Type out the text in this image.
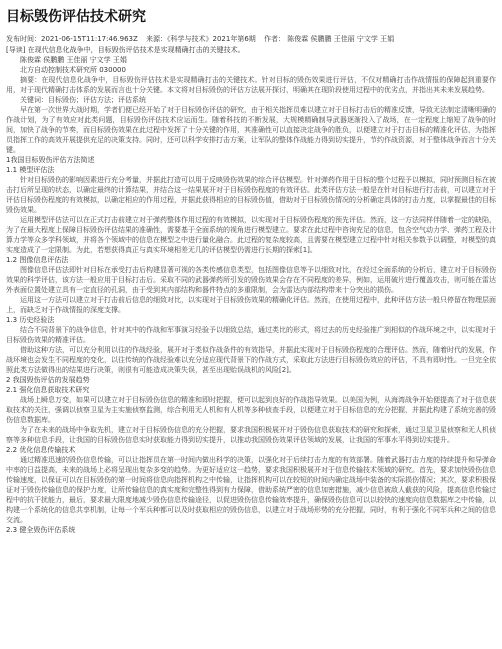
目标毁伤评估技术研究
发布时间：2021-06-15T11:17:46.963Z 来源：《科学与技术》2021年第6期 作者： 陈俊霖 侯鹏鹏 王佳丽 宁文学 王娟

[导读] 在现代信息化战争中，目标毁伤评估技术是实现精确打击的关键技术。

陈俊霖 侯鹏鹏 王佳丽 宁文学 王娟

北方自动控制技术研究所 030000

摘要：在现代信息化战争中，目标毁伤评估技术是实现精确打击的关键技术。针对目标的毁伤效果进行评估，不仅对精确打击作战情报的保障起到重要作用，对于现代精确打击体系的发展而言也十分关键。本文将对目标毁伤的评估方法展开探讨，明确其在现阶段使用过程中的优劣点，并指出其未来发展趋势。

关键词：目标毁伤；评估方法；评估系统

早在第一次世界大战时期，学者们便已经开始了对于目标毁伤评估的研究，由于相关指挥员难以建立对于目标打击后的精准反馈，导致无法制定清晰明确的作战计划，为了有效应对此类问题，目标毁伤评估技术应运而生。随着科技的不断发展，大规模精确制导武器逐渐投入了战场，在一定程度上缩短了战争的时间，加快了战争的节奏，而目标毁伤效果在此过程中发挥了十分关键的作用，其准确性可以直接决定战争的胜负，以便建立对于打击目标的精准化评估，为指挥员指挥工作的高效开展提供充足的决策支持。同时，还可以科学安排打击方案，让军队的整体作战能力得到切实提升，节约作战资源，对于整体战争而言十分关键。

1我国目标毁伤评估方法简述

1.1 模型评估法

针对目标毁伤的影响因素进行充分考量，并据此打造可以用于反映毁伤效果的综合评估模型。针对弹药作用于目标的整个过程予以模拟，同时预测目标在被击打后所呈现的状态，以确定最终的计算结果，并结合这一结果展开对于目标毁伤程度的有效评估。此类评估方法一般是在针对目标进行打击前，可以建立对于评估目标毁伤程度的有效模拟，以确定相应的作用过程，并据此获得相应的目标毁伤值，借助对于目标毁伤情况的分析确定具体的打击力度，以掌握最佳的目标毁伤效果。

运用模型评估法可以在正式打击前建立对于弹药整体作用过程的有效模拟，以实现对于目标毁伤程度的预先评估。然而，这一方法同样伴随着一定的缺陷，为了在最大程度上保障目标毁伤评估结果的准确性，需要基于全面系统的视角进行模型建立。要求在此过程中咨询充足的信息，包含空气动力学、弹药工程及计算力学等众多学科领域，并将各个领域中的信息在模型之中进行量化融合。此过程的复杂度较高，且需要在模型建立过程中针对相关参数予以调整，对模型的真实度造成了一定限制。为此，若想获得真正与真实环境相差无几的评估模型仍需进行长期的探索[1]。

1.2 图像信息评估法

图像信息评估法即针对目标在承受打击后构建显著可视的各类传感信息类型，包括图像信息等予以细致对比，在经过全面系统的分析后，建立对于目标毁伤效果的科学评估，该方法一般应用于目标打击后。采取不同的武器弹药所引发的毁伤效果会存在不同程度的差异，例如，运用破片进行覆盖攻击，则可能在雷达外表面位置处建立具有一定直径的孔洞，由于受到其内部结构和器件特点的多重限制，会为雷达内部结构带来十分突出的损伤。

运用这一方法可以建立对于打击前后信息的细致对比，以实现对于目标毁伤效果的精确化评估。然而，在使用过程中，此种评估方法一般只停留在物理层面上，而缺乏对于作战情报的深度支撑。

1.3 历史经验法

结合不同背景下的战争信息，针对其中的作战和军事演习经验予以细致总结，通过类比的形式，将过去的历史经验推广到相似的作战环境之中，以实现对于目标毁伤效果的精准评估。

借助这种方法，可以充分利用以往的作战经验，展开对于类似作战条件的有效指导，并据此实现对于目标毁伤程度的合理评估。然而，随着时代的发展，作战环境也会发生不同程度的变化，以往传统的作战经验难以充分适应现代背景下的作战方式，采取此方法进行目标毁伤效应的评估，不具有即时性。一旦完全依照此类方法做得出的结果进行决策，则很有可能造成决策失误，甚至出现贻误战机的风险[2]。

2 我国毁伤评估的发展趋势

2.1 强化信息获取技术研究

战场上瞬息万变，如果可以建立对于目标毁伤信息的精准和即时把握，便可以起到良好的作战指导效果。以美国为例，从海湾战争开始便提高了对于信息获取技术的关注，强调以侦察卫星为主实施侦察监测，综合利用无人机和有人机等多种侦查手段，以便建立对于目标信息的充分把握，并据此构建了系统完善的毁伤信息数据库。

为了在未来的战场中争取先机，建立对于目标毁伤信息的充分把握，要求我国积极展开对于毁伤信息获取技术的研究和探索，通过卫星卫星侦察和无人机侦察等多种信息手段，让我国的目标毁伤信息实时获取能力得到切实提升，以推动我国毁伤效果评估领域的发展，让我国的军事水平得到切实提升。

2.2 优化信息传输技术

通过精准迅速的毁伤信息传输，可以让指挥员在第一时间内做出科学的决策，以强化对于后续打击力度的有效部署。随着武器打击力度的持续提升和导弹命中率的日益提高，未来的战场上必将呈现出复杂多变的趋势。为更好适应这一趋势，要求我国积极展开对于信息传输技术领域的研究。首先，要求加快毁伤信息传输速度，以保证可以在目标毁伤的第一时间将信息向指挥机构之中传输，让指挥机构可以在较短的时间内确定战场中装备的实际损伤情况；其次，要求积极保证对于毁伤传输信息的保护力度，让所传输信息的真实度和完整性得到有力保障，借助系统严密的信息加密措施，减少信息被敌人截获的风险，提高信息传输过程中的抗干扰能力，最后，要求最大限度地减少毁伤信息传输途径，以促进毁伤信息传输效率提升，确保毁伤信息可以以较快的速度向信息数据库之中传输，以构建一个系统化的信息共享机制，让每一个军兵种都可以及时获取相应的毁伤信息，以建立对于战场形势的充分把握，同时，有利于强化不同军兵种之间的信息交流。

2.3 健全毁伤评估系统
